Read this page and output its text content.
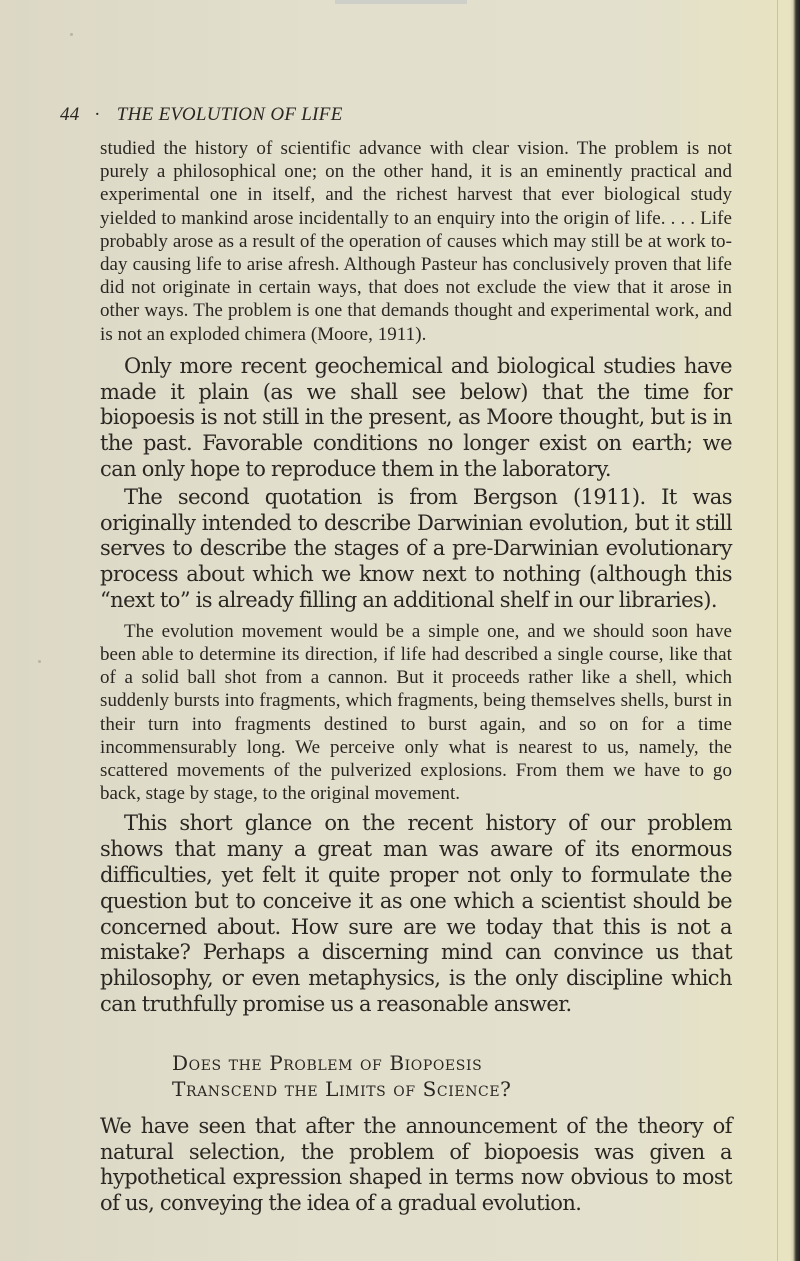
44 · THE EVOLUTION OF LIFE

studied the history of scientific advance with clear vision. The problem is not purely a philosophical one; on the other hand, it is an eminently practical and experimental one in itself, and the richest harvest that ever biological study yielded to mankind arose incidentally to an enquiry into the origin of life. . . . Life probably arose as a result of the operation of causes which may still be at work to-day causing life to arise afresh. Although Pasteur has conclusively proven that life did not originate in certain ways, that does not exclude the view that it arose in other ways. The problem is one that demands thought and experimental work, and is not an exploded chimera (Moore, 1911).

Only more recent geochemical and biological studies have made it plain (as we shall see below) that the time for biopoesis is not still in the present, as Moore thought, but is in the past. Favorable conditions no longer exist on earth; we can only hope to reproduce them in the laboratory.

The second quotation is from Bergson (1911). It was originally intended to describe Darwinian evolution, but it still serves to describe the stages of a pre-Darwinian evolutionary process about which we know next to nothing (although this “next to” is already filling an additional shelf in our libraries).

The evolution movement would be a simple one, and we should soon have been able to determine its direction, if life had described a single course, like that of a solid ball shot from a cannon. But it proceeds rather like a shell, which suddenly bursts into fragments, which fragments, being themselves shells, burst in their turn into fragments destined to burst again, and so on for a time incommensurably long. We perceive only what is nearest to us, namely, the scattered movements of the pulverized explosions. From them we have to go back, stage by stage, to the original movement.

This short glance on the recent history of our problem shows that many a great man was aware of its enormous difficulties, yet felt it quite proper not only to formulate the question but to conceive it as one which a scientist should be concerned about. How sure are we today that this is not a mistake? Perhaps a discerning mind can convince us that philosophy, or even metaphysics, is the only discipline which can truthfully promise us a reasonable answer.

Does the Problem of Biopoesis
Transcend the Limits of Science?

We have seen that after the announcement of the theory of natural selection, the problem of biopoesis was given a hypothetical expression shaped in terms now obvious to most of us, conveying the idea of a gradual evolution.
